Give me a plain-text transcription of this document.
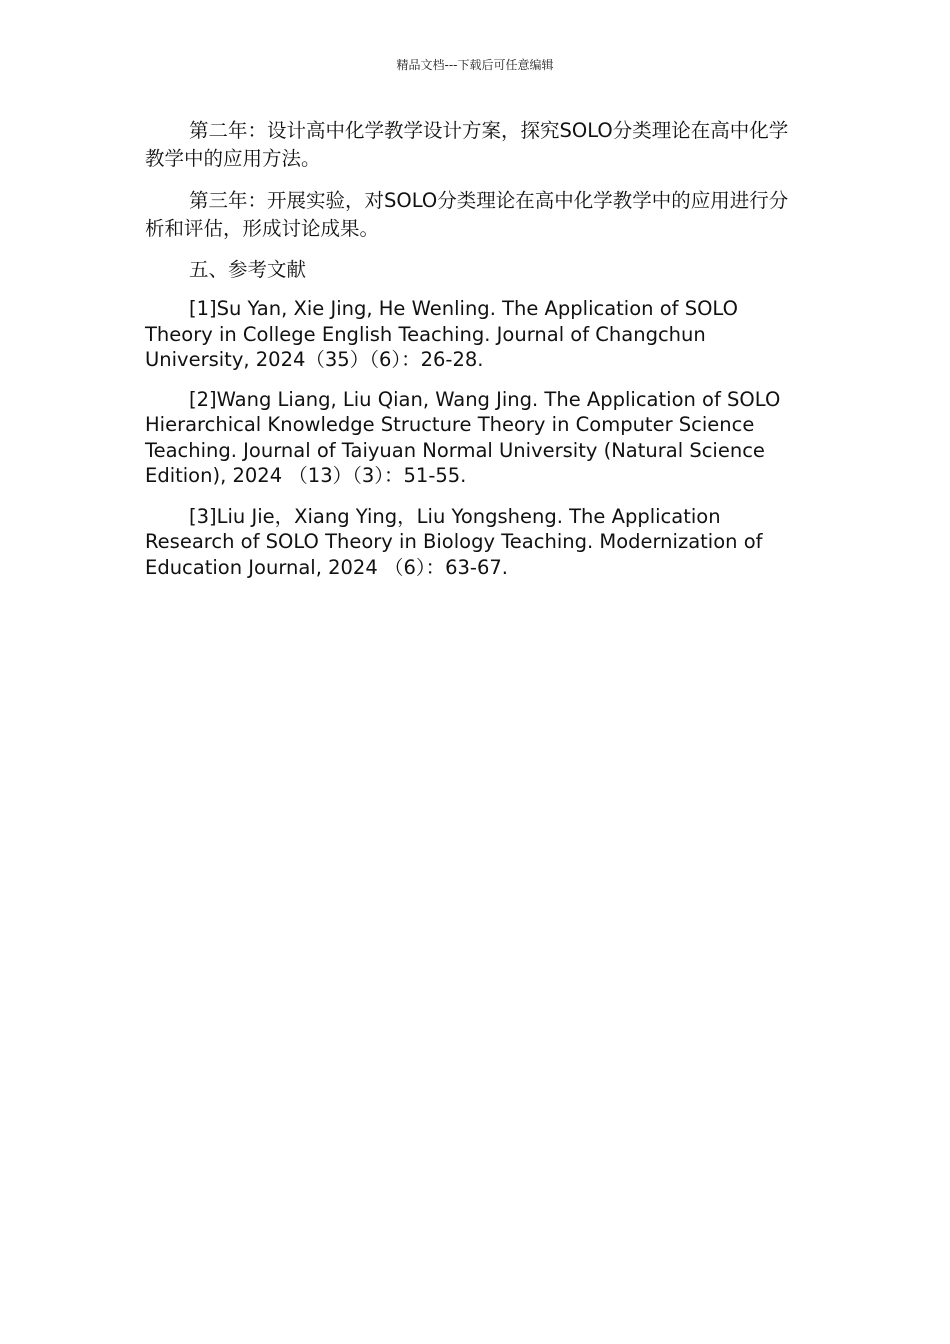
精品文档---下载后可任意编辑

第二年：设计高中化学教学设计方案，探究SOLO分类理论在高中化学教学中的应用方法。

第三年：开展实验，对SOLO分类理论在高中化学教学中的应用进行分析和评估，形成讨论成果。

五、参考文献

[1]Su Yan, Xie Jing, He Wenling. The Application of SOLO Theory in College English Teaching. Journal of Changchun University, 2024（35）（6）：26-28.

[2]Wang Liang, Liu Qian, Wang Jing. The Application of SOLO Hierarchical Knowledge Structure Theory in Computer Science Teaching. Journal of Taiyuan Normal University (Natural Science Edition), 2024 （13）（3）：51-55.

[3]Liu Jie，Xiang Ying，Liu Yongsheng. The Application Research of SOLO Theory in Biology Teaching. Modernization of Education Journal, 2024 （6）：63-67.
